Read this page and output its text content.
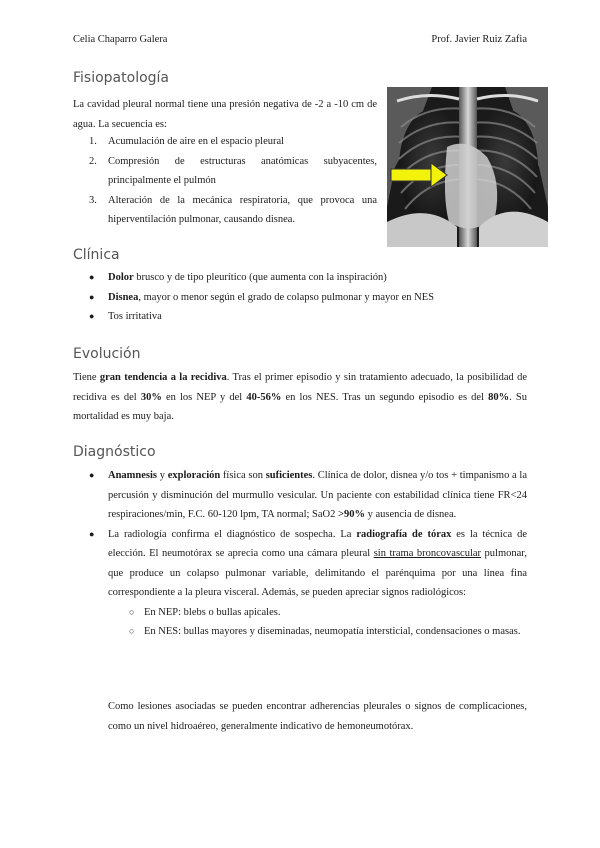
Celia Chaparro Galera	Prof. Javier Ruiz Zafia
Fisiopatología

La cavidad pleural normal tiene una presión negativa de -2 a -10 cm de agua. La secuencia es:

1. Acumulación de aire en el espacio pleural
2. Compresión de estructuras anatómicas subyacentes, principalmente el pulmón
3. Alteración de la mecánica respiratoria, que provoca una hiperventilación pulmonar, causando disnea.
Clínica
● Dolor brusco y de tipo pleurítico (que aumenta con la inspiración)
● Disnea, mayor o menor según el grado de colapso pulmonar y mayor en NES
● Tos irritativa
Evolución

Tiene gran tendencia a la recidiva. Tras el primer episodio y sin tratamiento adecuado, la posibilidad de recidiva es del 30% en los NEP y del 40-56% en los NES. Tras un segundo episodio es del 80%. Su mortalidad es muy baja.

Diagnóstico
● Anamnesis y exploración física son suficientes. Clínica de dolor, disnea y/o tos + timpanismo a la percusión y disminución del murmullo vesicular. Un paciente con estabilidad clínica tiene FR<24 respiraciones/min, F.C. 60-120 lpm, TA normal; SaO2 >90% y ausencia de disnea.
● La radiología confirma el diagnóstico de sospecha. La radiografía de tórax es la técnica de elección. El neumotórax se aprecia como una cámara pleural sin trama broncovascular pulmonar, que produce un colapso pulmonar variable, delimitando el parénquima por una línea fina correspondiente a la pleura visceral. Además, se pueden apreciar signos radiológicos:
○ En NEP: blebs o bullas apicales.
○ En NES: bullas mayores y diseminadas, neumopatía intersticial, condensaciones o masas.

Como lesiones asociadas se pueden encontrar adherencias pleurales o signos de complicaciones, como un nivel hidroaéreo, generalmente indicativo de hemoneumotórax.
